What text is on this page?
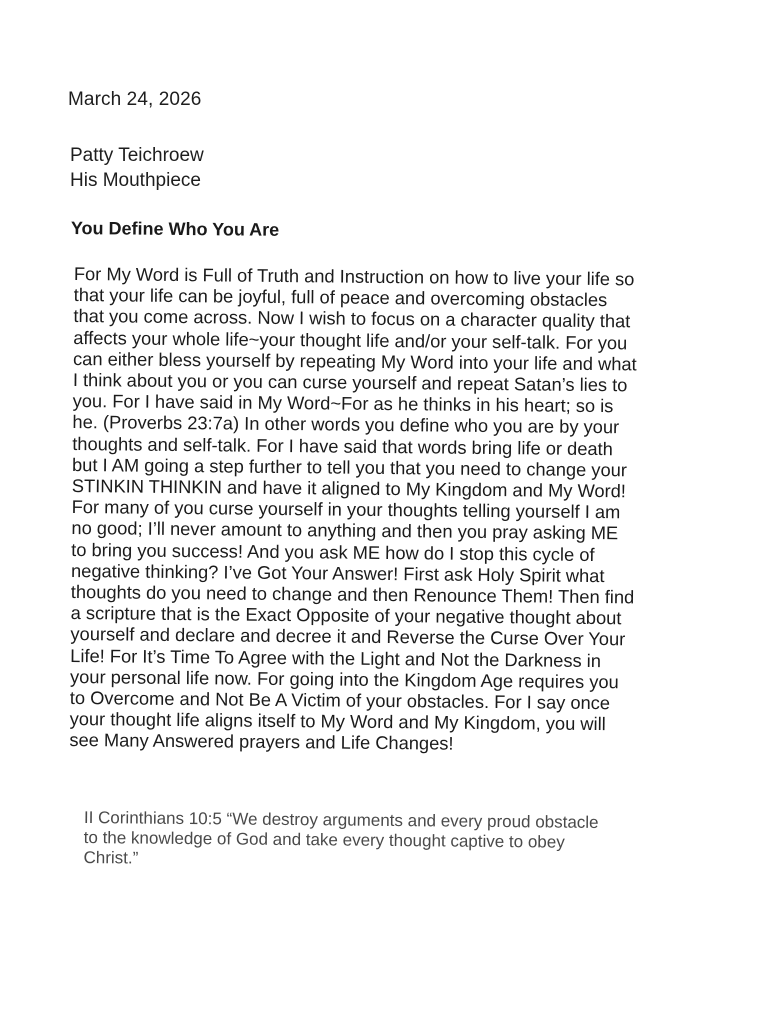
March 24, 2026
Patty Teichroew
His Mouthpiece
You Define Who You Are
For My Word is Full of Truth and Instruction on how to live your life so
that your life can be joyful, full of peace and overcoming obstacles
that you come across. Now I wish to focus on a character quality that
affects your whole life~your thought life and/or your self-talk. For you
can either bless yourself by repeating My Word into your life and what
I think about you or you can curse yourself and repeat Satan’s lies to
you. For I have said in My Word~For as he thinks in his heart; so is
he. (Proverbs 23:7a) In other words you define who you are by your
thoughts and self-talk. For I have said that words bring life or death
but I AM going a step further to tell you that you need to change your
STINKIN THINKIN and have it aligned to My Kingdom and My Word!
For many of you curse yourself in your thoughts telling yourself I am
no good; I’ll never amount to anything and then you pray asking ME
to bring you success! And you ask ME how do I stop this cycle of
negative thinking? I’ve Got Your Answer! First ask Holy Spirit what
thoughts do you need to change and then Renounce Them! Then find
a scripture that is the Exact Opposite of your negative thought about
yourself and declare and decree it and Reverse the Curse Over Your
Life! For It’s Time To Agree with the Light and Not the Darkness in
your personal life now. For going into the Kingdom Age requires you
to Overcome and Not Be A Victim of your obstacles. For I say once
your thought life aligns itself to My Word and My Kingdom, you will
see Many Answered prayers and Life Changes!
II Corinthians 10:5 “We destroy arguments and every proud obstacle
to the knowledge of God and take every thought captive to obey
Christ.”
